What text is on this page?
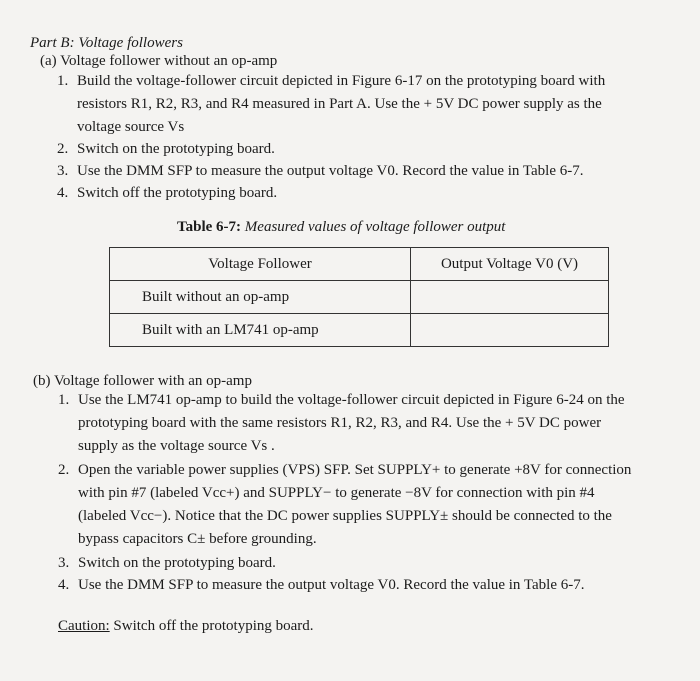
Part B: Voltage followers
(a) Voltage follower without an op-amp
1. Build the voltage-follower circuit depicted in Figure 6-17 on the prototyping board with
resistors R1, R2, R3, and R4 measured in Part A. Use the + 5V DC power supply as the
voltage source Vs
2. Switch on the prototyping board.
3. Use the DMM SFP to measure the output voltage V0. Record the value in Table 6-7.
4. Switch off the prototyping board.
Table 6-7: Measured values of voltage follower output
Voltage Follower	Output Voltage V0 (V)
Built without an op-amp	
Built with an LM741 op-amp	
(b) Voltage follower with an op-amp
1. Use the LM741 op-amp to build the voltage-follower circuit depicted in Figure 6-24 on the
prototyping board with the same resistors R1, R2, R3, and R4. Use the + 5V DC power
supply as the voltage source Vs .
2. Open the variable power supplies (VPS) SFP. Set SUPPLY+ to generate +8V for connection
with pin #7 (labeled Vcc+) and SUPPLY− to generate −8V for connection with pin #4
(labeled Vcc−). Notice that the DC power supplies SUPPLY± should be connected to the
bypass capacitors C± before grounding.
3. Switch on the prototyping board.
4. Use the DMM SFP to measure the output voltage V0. Record the value in Table 6-7.
Caution: Switch off the prototyping board.
